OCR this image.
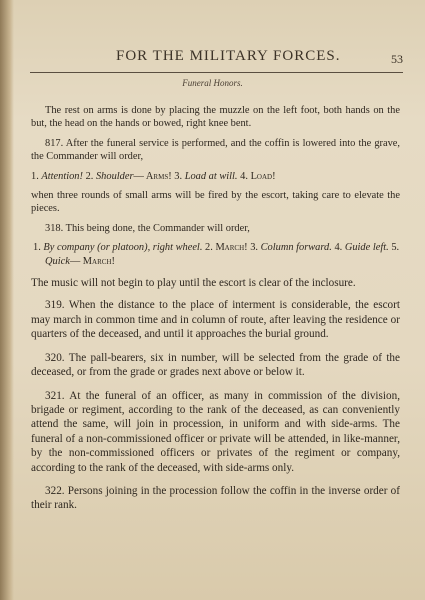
FOR THE MILITARY FORCES.	53
Funeral Honors.

The rest on arms is done by placing the muzzle on the left foot, both hands on the but, the head on the hands or bowed, right knee bent.

817. After the funeral service is performed, and the coffin is lowered into the grave, the Commander will order,

1. Attention! 2. Shoulder— Arms! 3. Load at will. 4. Load!

when three rounds of small arms will be fired by the escort, taking care to elevate the pieces.

318. This being done, the Commander will order,

1. By company (or platoon), right wheel. 2. March! 3. Column forward. 4. Guide left. 5. Quick— March!

The music will not begin to play until the escort is clear of the inclosure.

319. When the distance to the place of interment is considerable, the escort may march in common time and in column of route, after leaving the residence or quarters of the deceased, and until it approaches the burial ground.

320. The pall-bearers, six in number, will be selected from the grade of the deceased, or from the grade or grades next above or below it.

321. At the funeral of an officer, as many in commission of the division, brigade or regiment, according to the rank of the deceased, as can conveniently attend the same, will join in procession, in uniform and with side-arms. The funeral of a non-commissioned officer or private will be attended, in like-manner, by the non-commissioned officers or privates of the regiment or company, according to the rank of the deceased, with side-arms only.

322. Persons joining in the procession follow the coffin in the inverse order of their rank.
